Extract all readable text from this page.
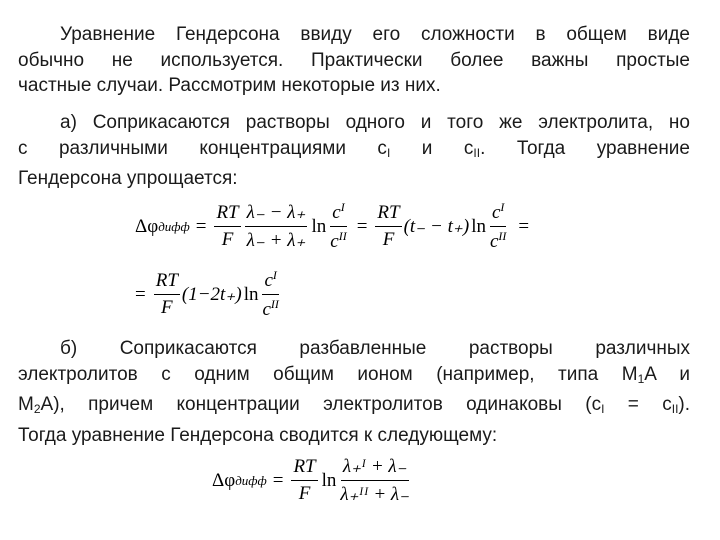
Уравнение Гендерсона ввиду его сложности в общем виде
обычно не используется. Практически более важны простые
частные случаи. Рассмотрим некоторые из них.
а) Соприкасаются растворы одного и того же электролита, но
с различными концентрациями $c_I$ и $c_{II}$. Тогда уравнение
Гендерсона упрощается:
Δφ дифф = $\frac{RT}{F} \frac{\lambda_- - \lambda_+}{\lambda_- + \lambda_+}$ $\ln \frac{c^I}{c^{II}} = \frac{RT}{F} (t_- - t_+)$ $\ln \frac{c^I}{c^{II}}$ =
= $\frac{RT}{F} (1-2t_+)$ $\ln \frac{c^I}{c^{II}}$
б) Соприкасаются разбавленные растворы различных
электролитов с одним общим ионом (например, типа $M_1A$ и
$M_2A$), причем концентрации электролитов одинаковы $(c_I = c_{II})$.
Тогда уравнение Гендерсона сводится к следующему:
Δφ дифф = $\frac{RT}{F}$ $\ln \frac{\text{λ₊ᴵ + λ₋}}{\text{λ₊ᴵᴵ + λ₋}}$
